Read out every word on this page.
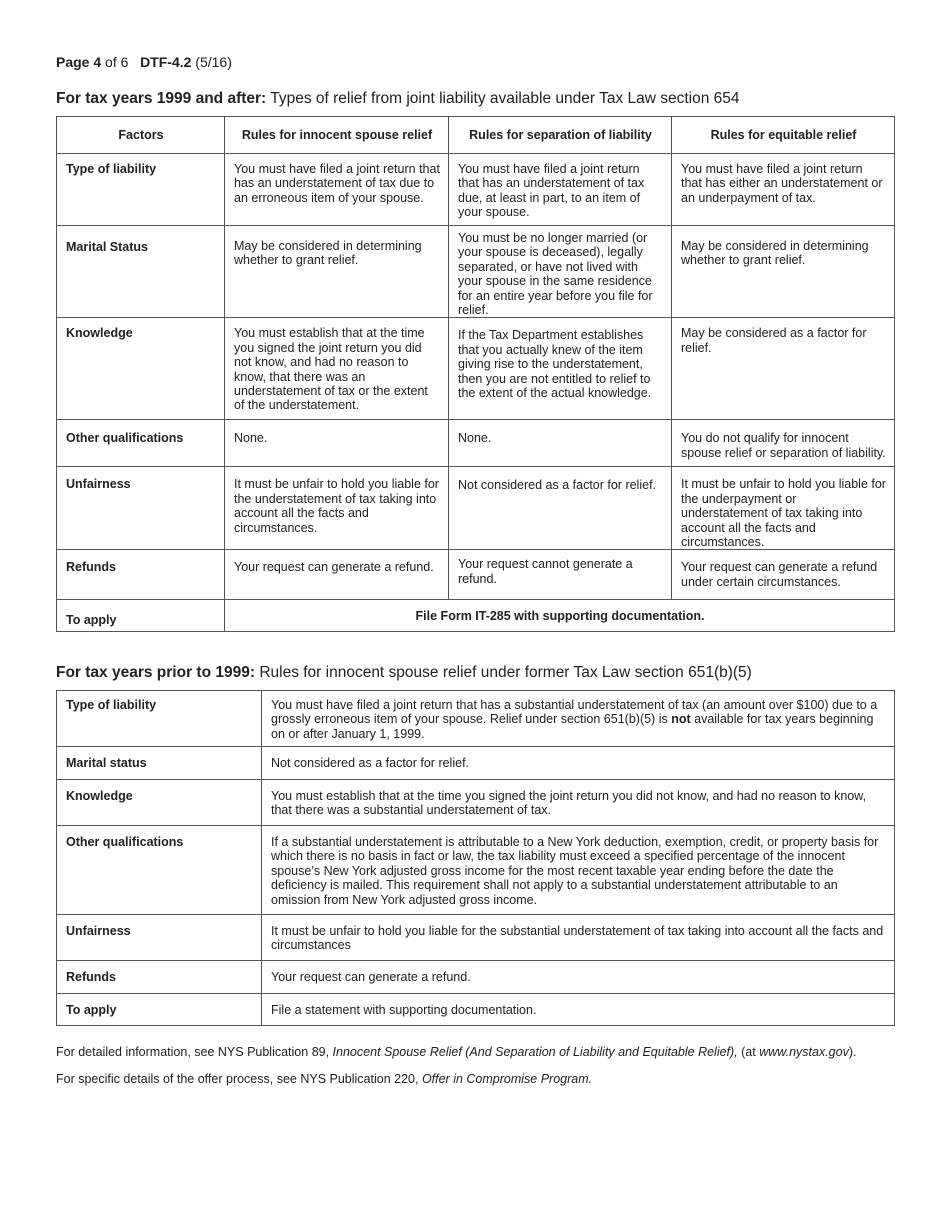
Page 4 of 6 DTF-4.2 (5/16)
For tax years 1999 and after: Types of relief from joint liability available under Tax Law section 654
Factors	Rules for innocent spouse relief	Rules for separation of liability	Rules for equitable relief
Type of liability	You must have filed a joint return that has an understatement of tax due to an erroneous item of your spouse.	You must have filed a joint return that has an understatement of tax due, at least in part, to an item of your spouse.	You must have filed a joint return that has either an understatement or an underpayment of tax.
Marital Status	May be considered in determining whether to grant relief.	You must be no longer married (or your spouse is deceased), legally separated, or have not lived with your spouse in the same residence for an entire year before you file for relief.	May be considered in determining whether to grant relief.
Knowledge	You must establish that at the time you signed the joint return you did not know, and had no reason to know, that there was an understatement of tax or the extent of the understatement.	If the Tax Department establishes that you actually knew of the item giving rise to the understatement, then you are not entitled to relief to the extent of the actual knowledge.	May be considered as a factor for relief.
Other qualifications	None.	None.	You do not qualify for innocent spouse relief or separation of liability.
Unfairness	It must be unfair to hold you liable for the understatement of tax taking into account all the facts and circumstances.	Not considered as a factor for relief.	It must be unfair to hold you liable for the underpayment or understatement of tax taking into account all the facts and circumstances.
Refunds	Your request can generate a refund.	Your request cannot generate a refund.	Your request can generate a refund under certain circumstances.
To apply	File Form IT-285 with supporting documentation.		
For tax years prior to 1999: Rules for innocent spouse relief under former Tax Law section 651(b)(5)
Type of liability	You must have filed a joint return that has a substantial understatement of tax (an amount over $100) due to a grossly erroneous item of your spouse. Relief under section 651(b)(5) is not available for tax years beginning on or after January 1, 1999.
Marital status	Not considered as a factor for relief.
Knowledge	You must establish that at the time you signed the joint return you did not know, and had no reason to know, that there was a substantial understatement of tax.
Other qualifications	If a substantial understatement is attributable to a New York deduction, exemption, credit, or property basis for which there is no basis in fact or law, the tax liability must exceed a specified percentage of the innocent spouse’s New York adjusted gross income for the most recent taxable year ending before the date the deficiency is mailed. This requirement shall not apply to a substantial understatement attributable to an omission from New York adjusted gross income.
Unfairness	It must be unfair to hold you liable for the substantial understatement of tax taking into account all the facts and circumstances
Refunds	Your request can generate a refund.
To apply	File a statement with supporting documentation.
For detailed information, see NYS Publication 89, Innocent Spouse Relief (And Separation of Liability and Equitable Relief), (at www.nystax.gov).
For specific details of the offer process, see NYS Publication 220, Offer in Compromise Program.
